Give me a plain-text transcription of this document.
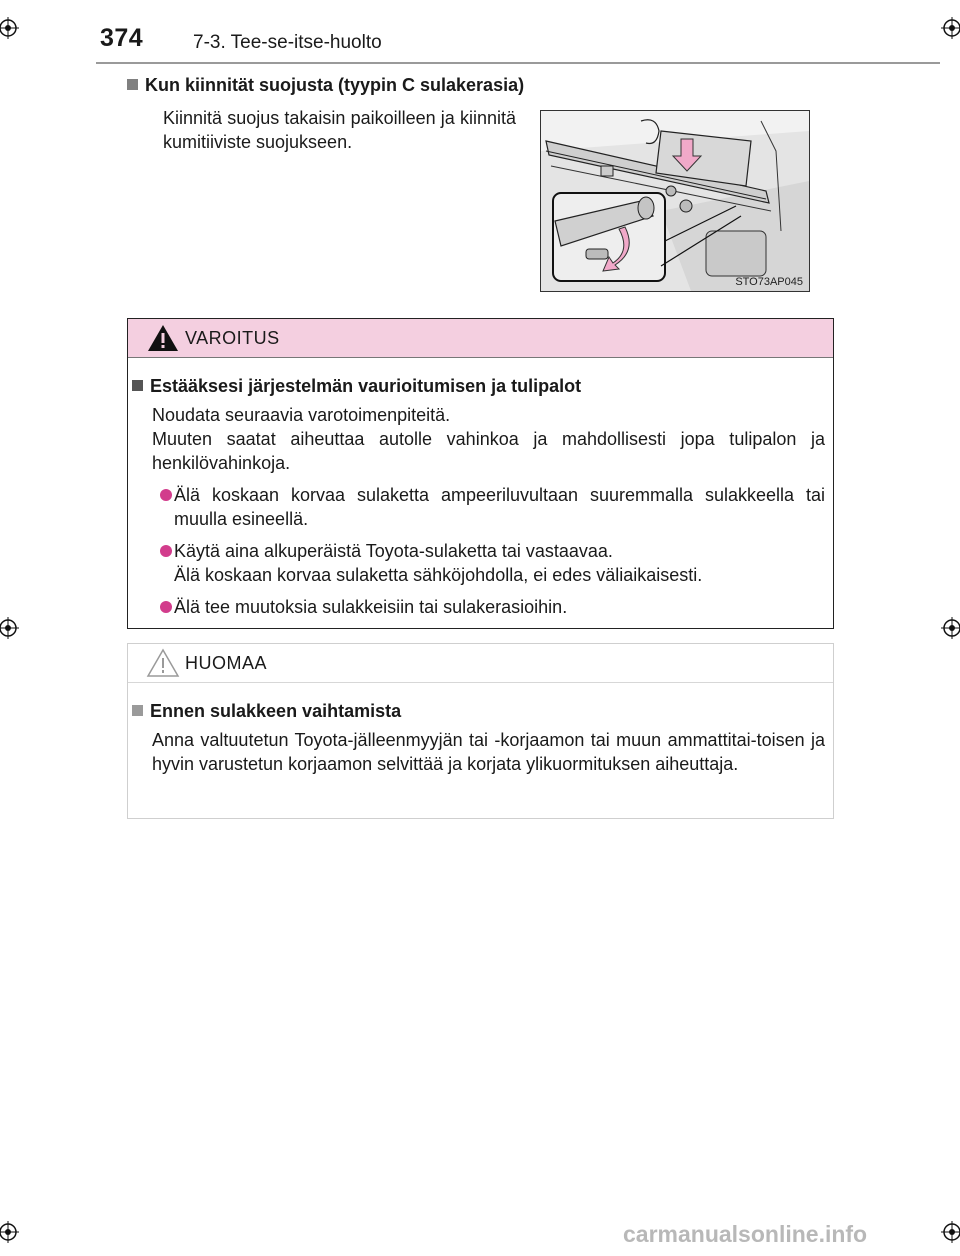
374	7-3. Tee-se-itse-huolto
Kun kiinnität suojusta (tyypin C sulakerasia)
Kiinnitä suojus takaisin paikoilleen ja kiinnitä kumitiiviste suojukseen.
STO73AP045
VAROITUS
Estääksesi järjestelmän vaurioitumisen ja tulipalot
Noudata seuraavia varotoimenpiteitä.
Muuten saatat aiheuttaa autolle vahinkoa ja mahdollisesti jopa tulipalon ja henkilövahinkoja.
Älä koskaan korvaa sulaketta ampeeriluvultaan suuremmalla sulakkeella tai muulla esineellä.
Käytä aina alkuperäistä Toyota-sulaketta tai vastaavaa.
Älä koskaan korvaa sulaketta sähköjohdolla, ei edes väliaikaisesti.
Älä tee muutoksia sulakkeisiin tai sulakerasioihin.
HUOMAA
Ennen sulakkeen vaihtamista
Anna valtuutetun Toyota-jälleenmyyjän tai -korjaamon tai muun ammattitai-toisen ja hyvin varustetun korjaamon selvittää ja korjata ylikuormituksen aiheuttaja.
carmanualsonline.info
